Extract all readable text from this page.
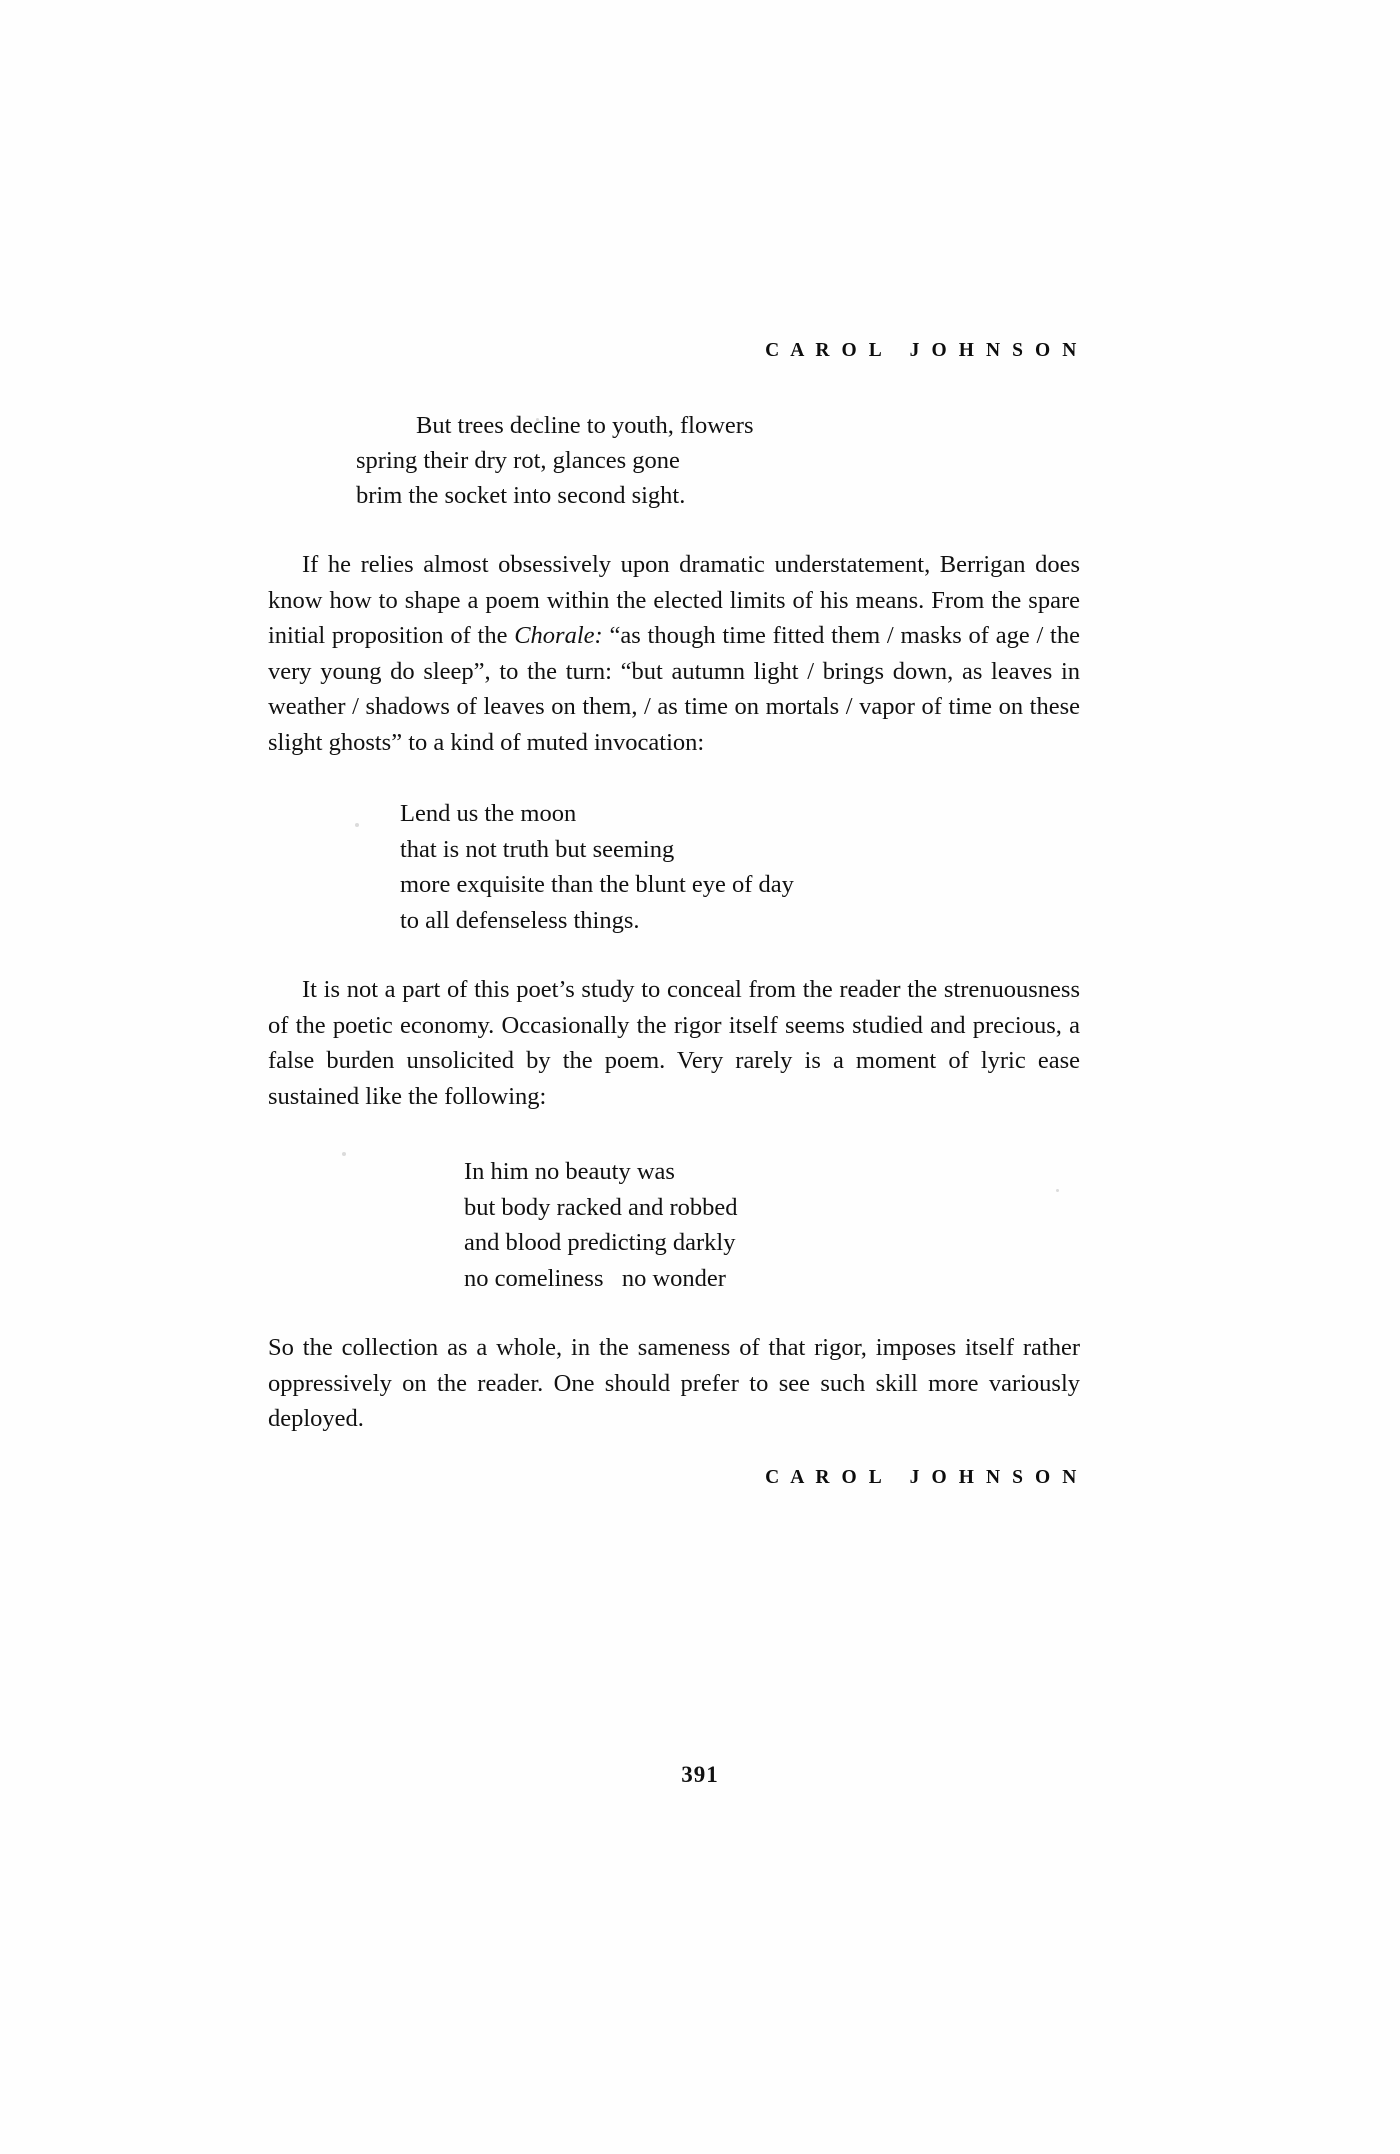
C A R O L   J O H N S O N
But trees decline to youth, flowers
spring their dry rot, glances gone
brim the socket into second sight.

If he relies almost obsessively upon dramatic understatement, Berrigan does know how to shape a poem within the elected limits of his means. From the spare initial proposition of the Chorale: “as though time fitted them / masks of age / the very young do sleep”, to the turn: “but autumn light / brings down, as leaves in weather / shadows of leaves on them, / as time on mortals / vapor of time on these slight ghosts” to a kind of muted invocation:

Lend us the moon
that is not truth but seeming
more exquisite than the blunt eye of day
to all defenseless things.

It is not a part of this poet’s study to conceal from the reader the strenuousness of the poetic economy. Occasionally the rigor itself seems studied and precious, a false burden unsolicited by the poem. Very rarely is a moment of lyric ease sustained like the following:

In him no beauty was
but body racked and robbed
and blood predicting darkly
no comeliness   no wonder

So the collection as a whole, in the sameness of that rigor, imposes itself rather oppressively on the reader. One should prefer to see such skill more variously deployed.

C A R O L   J O H N S O N
391
